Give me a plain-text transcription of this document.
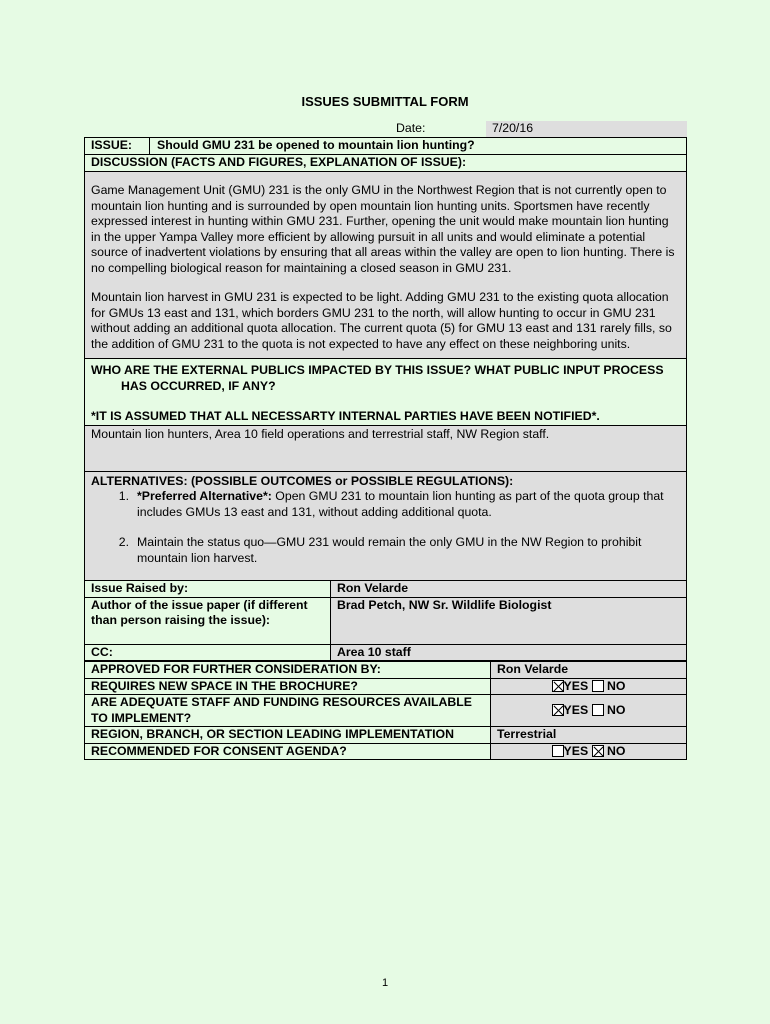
ISSUES SUBMITTAL FORM
Date:	7/20/16
ISSUE:	Should GMU 231 be opened to mountain lion hunting?
DISCUSSION (FACTS AND FIGURES, EXPLANATION OF ISSUE):

Game Management Unit (GMU) 231 is the only GMU in the Northwest Region that is not currently open to mountain lion hunting and is surrounded by open mountain lion hunting units. Sportsmen have recently expressed interest in hunting within GMU 231. Further, opening the unit would make mountain lion hunting in the upper Yampa Valley more efficient by allowing pursuit in all units and would eliminate a potential source of inadvertent violations by ensuring that all areas within the valley are open to lion hunting. There is no compelling biological reason for maintaining a closed season in GMU 231.

Mountain lion harvest in GMU 231 is expected to be light. Adding GMU 231 to the existing quota allocation for GMUs 13 east and 131, which borders GMU 231 to the north, will allow hunting to occur in GMU 231 without adding an additional quota allocation. The current quota (5) for GMU 13 east and 131 rarely fills, so the addition of GMU 231 to the quota is not expected to have any effect on these neighboring units.

WHO ARE THE EXTERNAL PUBLICS IMPACTED BY THIS ISSUE? WHAT PUBLIC INPUT PROCESS
HAS OCCURRED, IF ANY?
*IT IS ASSUMED THAT ALL NECESSARTY INTERNAL PARTIES HAVE BEEN NOTIFIED*.
Mountain lion hunters, Area 10 field operations and terrestrial staff, NW Region staff.
ALTERNATIVES: (POSSIBLE OUTCOMES or POSSIBLE REGULATIONS):
1. *Preferred Alternative*: Open GMU 231 to mountain lion hunting as part of the quota group that includes GMUs 13 east and 131, without adding additional quota.
2. Maintain the status quo—GMU 231 would remain the only GMU in the NW Region to prohibit mountain lion harvest.
Issue Raised by:	Ron Velarde
Author of the issue paper (if different than person raising the issue):	Brad Petch, NW Sr. Wildlife Biologist
CC:	Area 10 staff
APPROVED FOR FURTHER CONSIDERATION BY:	Ron Velarde
REQUIRES NEW SPACE IN THE BROCHURE?	YES NO
ARE ADEQUATE STAFF AND FUNDING RESOURCES AVAILABLE TO IMPLEMENT?	YES NO
REGION, BRANCH, OR SECTION LEADING IMPLEMENTATION	Terrestrial
RECOMMENDED FOR CONSENT AGENDA?	YES NO
1
